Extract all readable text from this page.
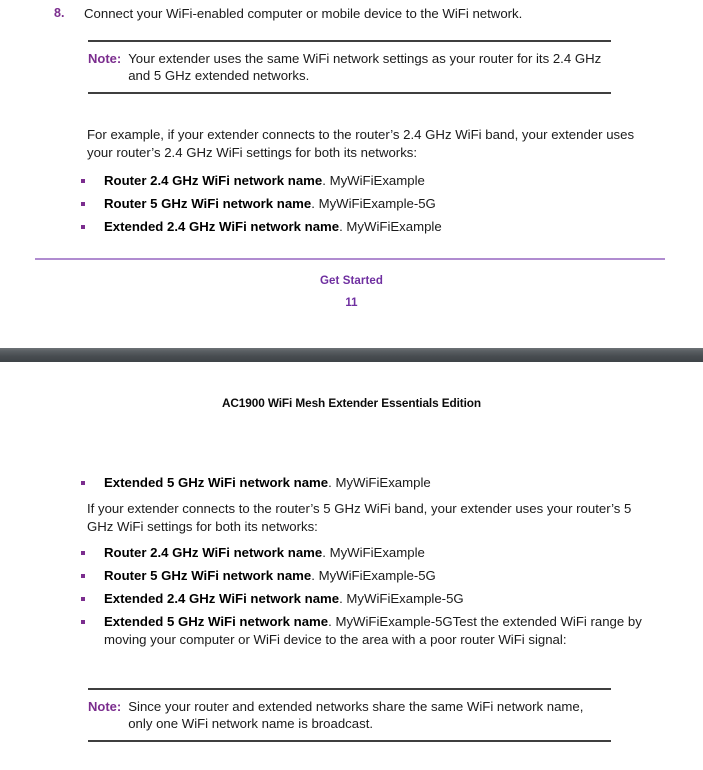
8.	Connect your WiFi-enabled computer or mobile device to the WiFi network.
Note: Your extender uses the same WiFi network settings as your router for its 2.4 GHz and 5 GHz extended networks.
For example, if your extender connects to the router’s 2.4 GHz WiFi band, your extender uses your router’s 2.4 GHz WiFi settings for both its networks:
Router 2.4 GHz WiFi network name. MyWiFiExample
Router 5 GHz WiFi network name. MyWiFiExample-5G
Extended 2.4 GHz WiFi network name. MyWiFiExample
Get Started
11
AC1900 WiFi Mesh Extender Essentials Edition
Extended 5 GHz WiFi network name. MyWiFiExample
If your extender connects to the router’s 5 GHz WiFi band, your extender uses your router’s 5 GHz WiFi settings for both its networks:
Router 2.4 GHz WiFi network name. MyWiFiExample
Router 5 GHz WiFi network name. MyWiFiExample-5G
Extended 2.4 GHz WiFi network name. MyWiFiExample-5G
Extended 5 GHz WiFi network name. MyWiFiExample-5GTest the extended WiFi range by moving your computer or WiFi device to the area with a poor router WiFi signal:
Note: Since your router and extended networks share the same WiFi network name, only one WiFi network name is broadcast.
